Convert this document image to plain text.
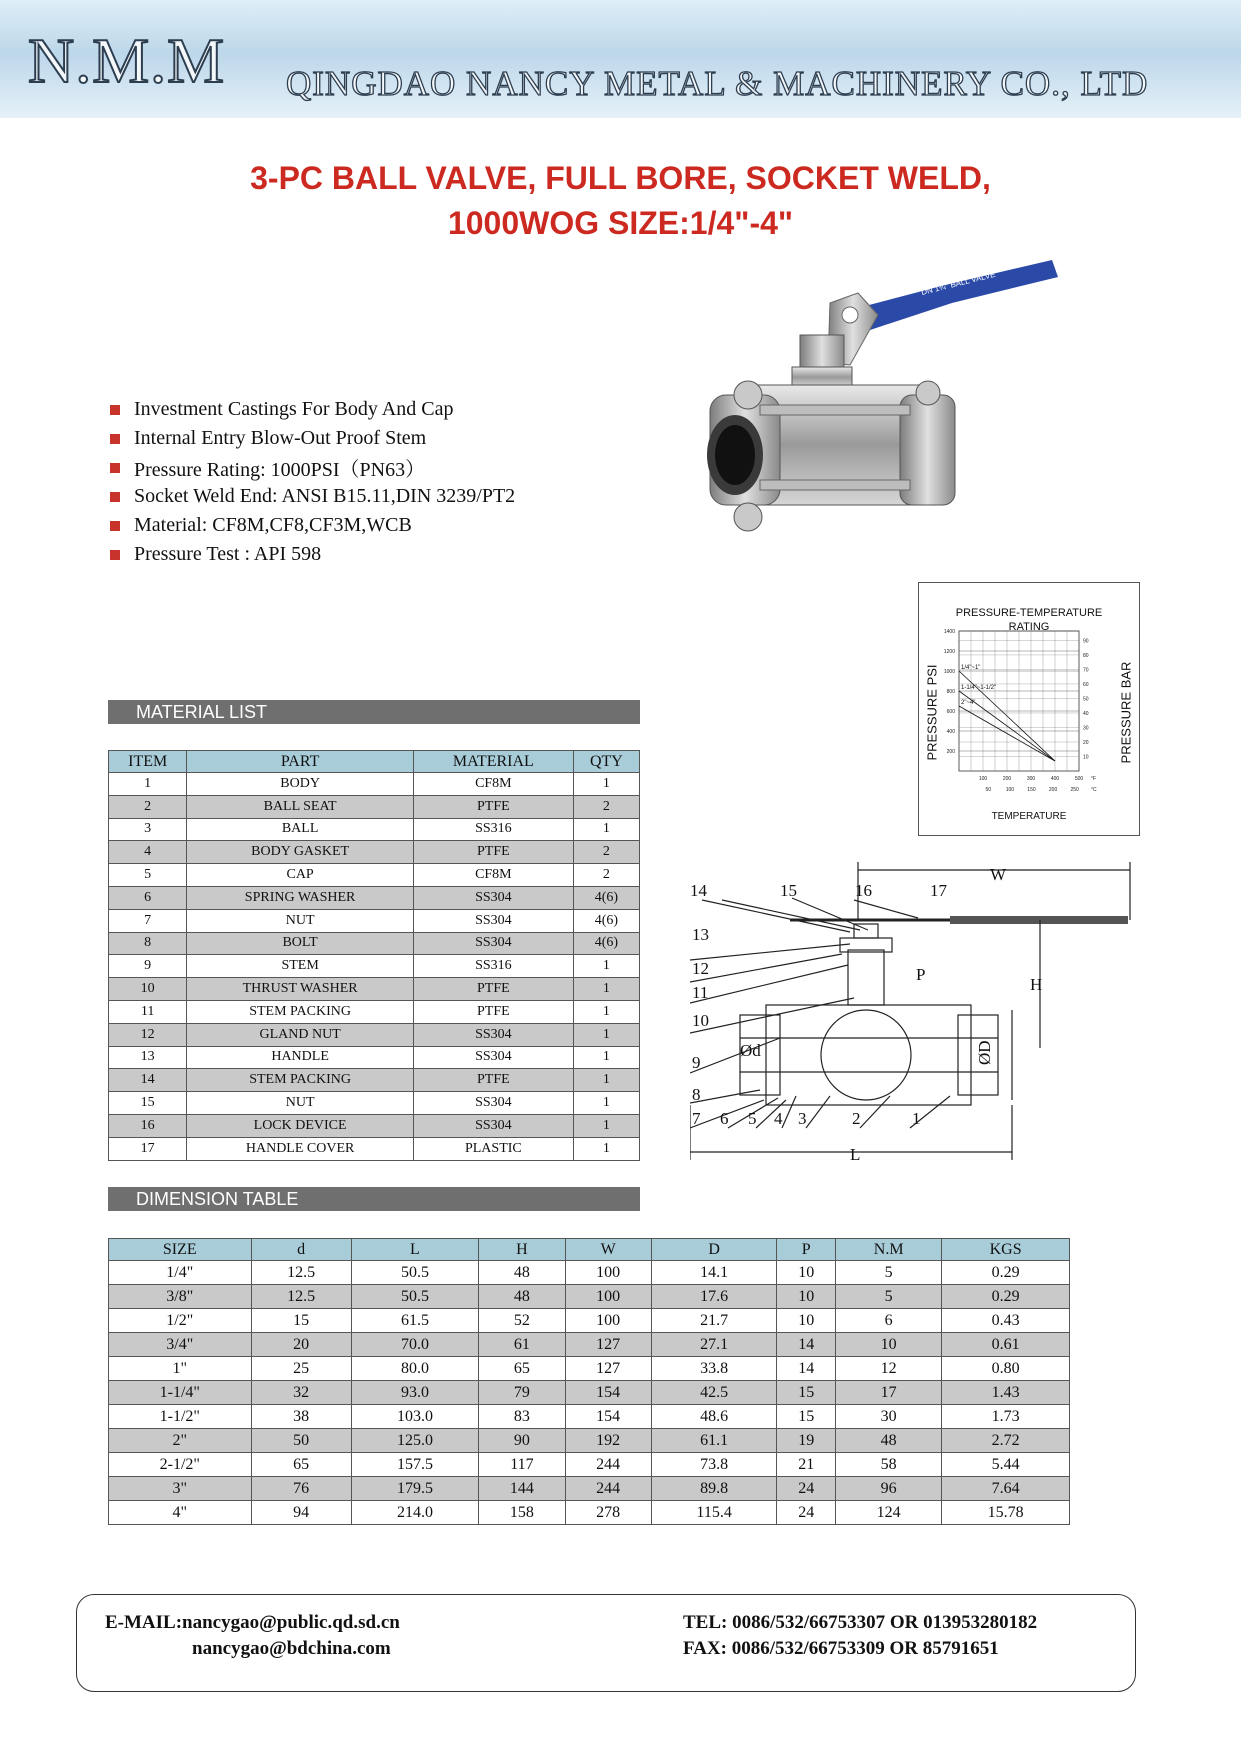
N.M.M QINGDAO NANCY METAL & MACHINERY CO., LTD
3-PC BALL VALVE, FULL BORE, SOCKET WELD,
1000WOG SIZE:1/4"-4"
Investment Castings For Body And Cap
Internal Entry Blow-Out Proof Stem
Pressure Rating: 1000PSI（PN63）
Socket Weld End: ANSI B15.11,DIN 3239/PT2
Material: CF8M,CF8,CF3M,WCB
Pressure Test : API 598
DN 1¾″ BALL VALVE
PRESSURE-TEMPERATURE
RATING
PRESSURE PSI	PRESSURE BAR
TEMPERATURE
200
400
600
800
1000
1200
1400
10
20
30
40
50
60
70
80
90
100	200	300	400	500
50	100	150	200	250
°F
°C
1/4"~1"
1-1/4"~1-1/2"
2"~4"
MATERIAL LIST
ITEM	PART	MATERIAL	QTY
1	BODY	CF8M	1
2	BALL SEAT	PTFE	2
3	BALL	SS316	1
4	BODY GASKET	PTFE	2
5	CAP	CF8M	2
6	SPRING WASHER	SS304	4(6)
7	NUT	SS304	4(6)
8	BOLT	SS304	4(6)
9	STEM	SS316	1
10	THRUST WASHER	PTFE	1
11	STEM PACKING	PTFE	1
12	GLAND NUT	SS304	1
13	HANDLE	SS304	1
14	STEM PACKING	PTFE	1
15	NUT	SS304	1
16	LOCK DEVICE	SS304	1
17	HANDLE COVER	PLASTIC	1
14	15	16	17
13
12
11
10
9
8
7 6 5 4 3	2	1
W
H
P
Ød	ØD
L
DIMENSION TABLE
SIZE	d	L	H	W	D	P	N.M	KGS
1/4"	12.5	50.5	48	100	14.1	10	5	0.29
3/8"	12.5	50.5	48	100	17.6	10	5	0.29
1/2"	15	61.5	52	100	21.7	10	6	0.43
3/4"	20	70.0	61	127	27.1	14	10	0.61
1"	25	80.0	65	127	33.8	14	12	0.80
1-1/4"	32	93.0	79	154	42.5	15	17	1.43
1-1/2"	38	103.0	83	154	48.6	15	30	1.73
2"	50	125.0	90	192	61.1	19	48	2.72
2-1/2"	65	157.5	117	244	73.8	21	58	5.44
3"	76	179.5	144	244	89.8	24	96	7.64
4"	94	214.0	158	278	115.4	24	124	15.78
E-MAIL:nancygao@public.qd.sd.cn
nancygao@bdchina.com
TEL: 0086/532/66753307 OR 013953280182
FAX: 0086/532/66753309 OR 85791651
